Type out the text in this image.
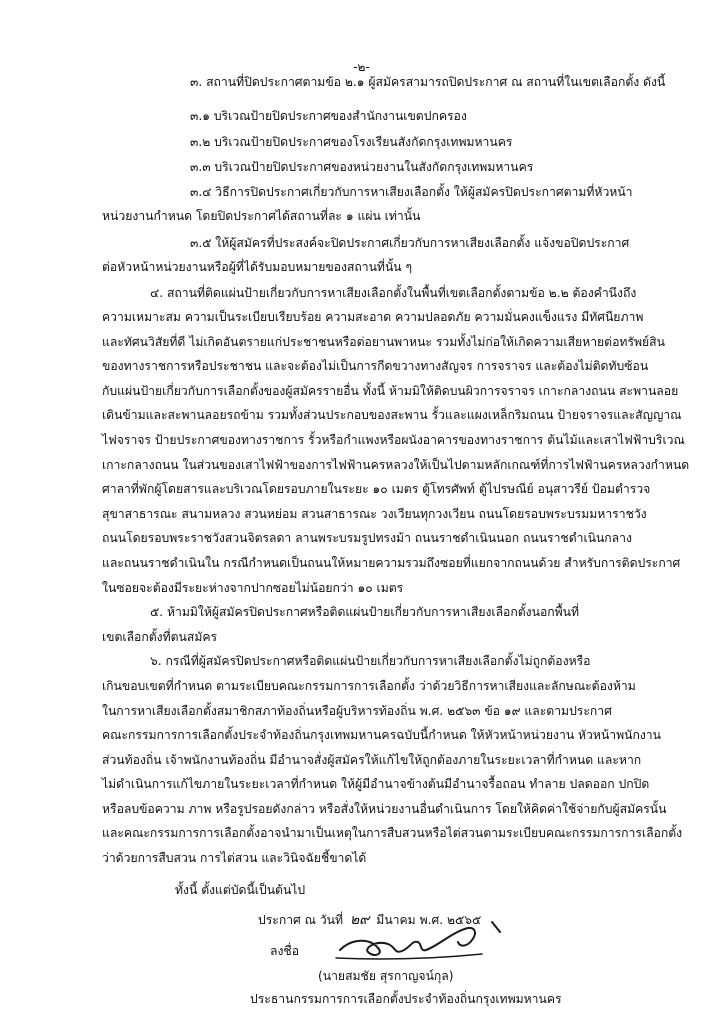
-๒-
๓. สถานที่ปิดประกาศตามข้อ ๒.๑ ผู้สมัครสามารถปิดประกาศ ณ สถานที่ในเขตเลือกตั้ง ดังนี้
๓.๑ บริเวณป้ายปิดประกาศของสำนักงานเขตปกครอง
๓.๒ บริเวณป้ายปิดประกาศของโรงเรียนสังกัดกรุงเทพมหานคร
๓.๓ บริเวณป้ายปิดประกาศของหน่วยงานในสังกัดกรุงเทพมหานคร
๓.๔ วิธีการปิดประกาศเกี่ยวกับการหาเสียงเลือกตั้ง ให้ผู้สมัครปิดประกาศตามที่หัวหน้า
หน่วยงานกำหนด โดยปิดประกาศได้สถานที่ละ ๑ แผ่น เท่านั้น
๓.๕ ให้ผู้สมัครที่ประสงค์จะปิดประกาศเกี่ยวกับการหาเสียงเลือกตั้ง แจ้งขอปิดประกาศ
ต่อหัวหน้าหน่วยงานหรือผู้ที่ได้รับมอบหมายของสถานที่นั้น ๆ
๔. สถานที่ติดแผ่นป้ายเกี่ยวกับการหาเสียงเลือกตั้งในพื้นที่เขตเลือกตั้งตามข้อ ๒.๒ ต้องคำนึงถึง
ความเหมาะสม ความเป็นระเบียบเรียบร้อย ความสะอาด ความปลอดภัย ความมั่นคงแข็งแรง มีทัศนียภาพ
และทัศนวิสัยที่ดี ไม่เกิดอันตรายแก่ประชาชนหรือต่อยานพาหนะ รวมทั้งไม่ก่อให้เกิดความเสียหายต่อทรัพย์สิน
ของทางราชการหรือประชาชน และจะต้องไม่เป็นการกีดขวางทางสัญจร การจราจร และต้องไม่ติดทับซ้อน
กับแผ่นป้ายเกี่ยวกับการเลือกตั้งของผู้สมัครรายอื่น ทั้งนี้ ห้ามมิให้ติดบนผิวการจราจร เกาะกลางถนน สะพานลอย
เดินข้ามและสะพานลอยรถข้าม รวมทั้งส่วนประกอบของสะพาน รั้วและแผงเหล็กริมถนน ป้ายจราจรและสัญญาณ
ไฟจราจร ป้ายประกาศของทางราชการ รั้วหรือกำแพงหรือผนังอาคารของทางราชการ ต้นไม้และเสาไฟฟ้าบริเวณ
เกาะกลางถนน ในส่วนของเสาไฟฟ้าของการไฟฟ้านครหลวงให้เป็นไปตามหลักเกณฑ์ที่การไฟฟ้านครหลวงกำหนด
ศาลาที่พักผู้โดยสารและบริเวณโดยรอบภายในระยะ ๑๐ เมตร ตู้โทรศัพท์ ตู้ไปรษณีย์ อนุสาวรีย์ ป้อมตำรวจ
สุขาสาธารณะ สนามหลวง สวนหย่อม สวนสาธารณะ วงเวียนทุกวงเวียน ถนนโดยรอบพระบรมมหาราชวัง
ถนนโดยรอบพระราชวังสวนจิตรลดา ลานพระบรมรูปทรงม้า ถนนราชดำเนินนอก ถนนราชดำเนินกลาง
และถนนราชดำเนินใน กรณีกำหนดเป็นถนนให้หมายความรวมถึงซอยที่แยกจากถนนด้วย สำหรับการติดประกาศ
ในซอยจะต้องมีระยะห่างจากปากซอยไม่น้อยกว่า ๑๐ เมตร
๕. ห้ามมิให้ผู้สมัครปิดประกาศหรือติดแผ่นป้ายเกี่ยวกับการหาเสียงเลือกตั้งนอกพื้นที่
เขตเลือกตั้งที่ตนสมัคร
๖. กรณีที่ผู้สมัครปิดประกาศหรือติดแผ่นป้ายเกี่ยวกับการหาเสียงเลือกตั้งไม่ถูกต้องหรือ
เกินขอบเขตที่กำหนด ตามระเบียบคณะกรรมการการเลือกตั้ง ว่าด้วยวิธีการหาเสียงและลักษณะต้องห้าม
ในการหาเสียงเลือกตั้งสมาชิกสภาท้องถิ่นหรือผู้บริหารท้องถิ่น พ.ศ. ๒๕๖๓ ข้อ ๑๙ และตามประกาศ
คณะกรรมการการเลือกตั้งประจำท้องถิ่นกรุงเทพมหานครฉบับนี้กำหนด ให้หัวหน้าหน่วยงาน หัวหน้าพนักงาน
ส่วนท้องถิ่น เจ้าพนักงานท้องถิ่น มีอำนาจสั่งผู้สมัครให้แก้ไขให้ถูกต้องภายในระยะเวลาที่กำหนด และหาก
ไม่ดำเนินการแก้ไขภายในระยะเวลาที่กำหนด ให้ผู้มีอำนาจข้างต้นมีอำนาจรื้อถอน ทำลาย ปลดออก ปกปิด
หรือลบข้อความ ภาพ หรือรูปรอยดังกล่าว หรือสั่งให้หน่วยงานอื่นดำเนินการ โดยให้คิดค่าใช้จ่ายกับผู้สมัครนั้น
และคณะกรรมการการเลือกตั้งอาจนำมาเป็นเหตุในการสืบสวนหรือไต่สวนตามระเบียบคณะกรรมการการเลือกตั้ง
ว่าด้วยการสืบสวน การไต่สวน และวินิจฉัยชี้ขาดได้
ทั้งนี้ ตั้งแต่บัดนี้เป็นต้นไป
ประกาศ ณ วันที่ ๒๙ มีนาคม พ.ศ. ๒๕๖๕
ลงชื่อ
(นายสมชัย สุรกาญจน์กุล)
ประธานกรรมการการเลือกตั้งประจำท้องถิ่นกรุงเทพมหานคร
